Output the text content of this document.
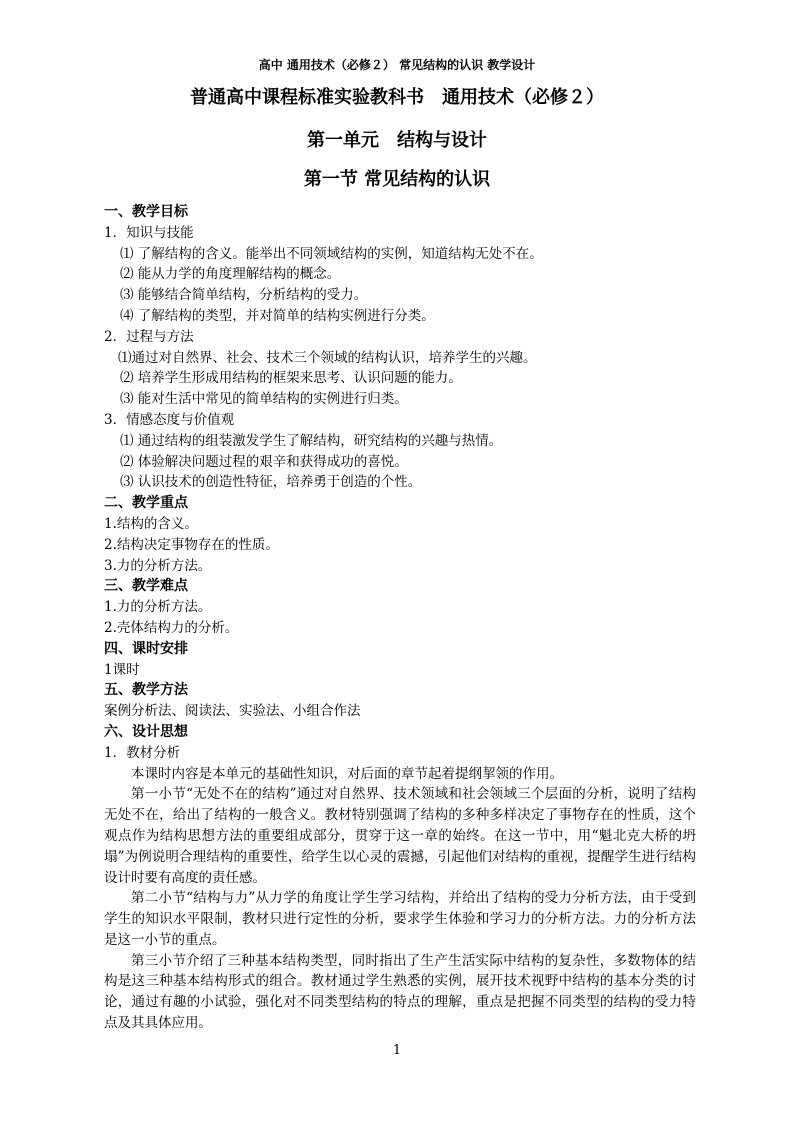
高中 通用技术（必修２） 常见结构的认识 教学设计
普通高中课程标准实验教科书　通用技术（必修２）
第一单元　结构与设计
第一节 常见结构的认识

一、教学目标

1．知识与技能

⑴ 了解结构的含义。能举出不同领域结构的实例，知道结构无处不在。

⑵ 能从力学的角度理解结构的概念。

⑶ 能够结合简单结构，分析结构的受力。

⑷ 了解结构的类型，并对简单的结构实例进行分类。

2．过程与方法

⑴通过对自然界、社会、技术三个领域的结构认识，培养学生的兴趣。

⑵ 培养学生形成用结构的框架来思考、认识问题的能力。

⑶ 能对生活中常见的简单结构的实例进行归类。

3．情感态度与价值观

⑴ 通过结构的组装激发学生了解结构，研究结构的兴趣与热情。

⑵ 体验解决问题过程的艰辛和获得成功的喜悦。

⑶ 认识技术的创造性特征，培养勇于创造的个性。

二、教学重点

1.结构的含义。

2.结构决定事物存在的性质。

3.力的分析方法。

三、教学难点

1.力的分析方法。

2.壳体结构力的分析。

四、课时安排

1课时

五、教学方法

案例分析法、阅读法、实验法、小组合作法

六、设计思想

1．教材分析

本课时内容是本单元的基础性知识，对后面的章节起着提纲挈领的作用。

第一小节“无处不在的结构”通过对自然界、技术领域和社会领域三个层面的分析，说明了结构无处不在，给出了结构的一般含义。教材特别强调了结构的多种多样决定了事物存在的性质，这个观点作为结构思想方法的重要组成部分，贯穿于这一章的始终。在这一节中，用“魁北克大桥的坍塌”为例说明合理结构的重要性，给学生以心灵的震撼，引起他们对结构的重视，提醒学生进行结构设计时要有高度的责任感。

第二小节“结构与力”从力学的角度让学生学习结构，并给出了结构的受力分析方法，由于受到学生的知识水平限制，教材只进行定性的分析，要求学生体验和学习力的分析方法。力的分析方法是这一小节的重点。

第三小节介绍了三种基本结构类型，同时指出了生产生活实际中结构的复杂性，多数物体的结构是这三种基本结构形式的组合。教材通过学生熟悉的实例，展开技术视野中结构的基本分类的讨论，通过有趣的小试验，强化对不同类型结构的特点的理解，重点是把握不同类型的结构的受力特点及其具体应用。

1
